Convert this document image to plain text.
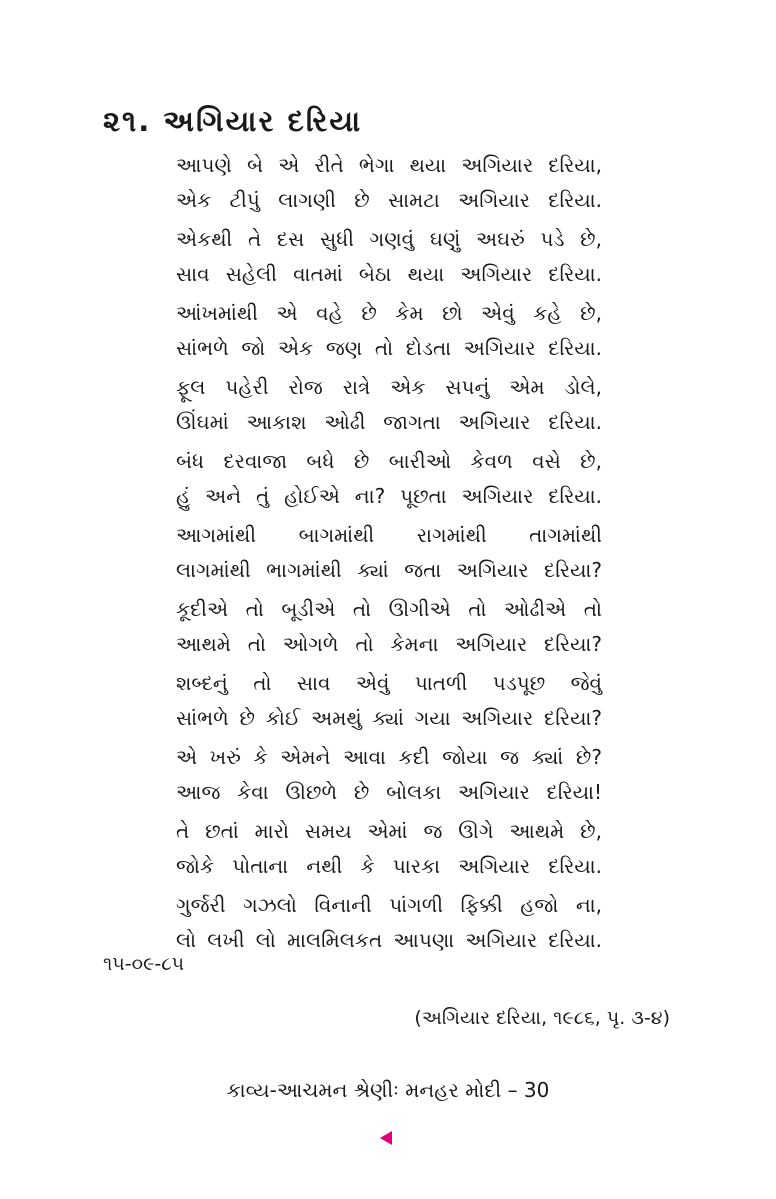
૨૧. અગિયાર દરિયા
આપણે બે એ રીતે ભેગા થયા અગિયાર દરિયા,
એક ટીપું લાગણી છે સામટા અગિયાર દરિયા.
એકથી તે દસ સુધી ગણવું ઘણું અઘરું પડે છે,
સાવ સહેલી વાતમાં બેઠા થયા અગિયાર દરિયા.
આંખમાંથી એ વહે છે કેમ છો એવું કહે છે,
સાંભળે જો એક જણ તો દોડતા અગિયાર દરિયા.
ફૂલ પહેરી રોજ રાત્રે એક સપનું એમ ડોલે,
ઊંઘમાં આકાશ ઓઢી જાગતા અગિયાર દરિયા.
બંધ દરવાજા બધે છે બારીઓ કેવળ વસે છે,
હું અને તું હોઈએ ના? પૂછતા અગિયાર દરિયા.
આગમાંથી બાગમાંથી રાગમાંથી તાગમાંથી
લાગમાંથી ભાગમાંથી ક્યાં જતા અગિયાર દરિયા?
કૂદીએ તો બૂડીએ તો ઊગીએ તો ઓઢીએ તો
આથમે તો ઓગળે તો કેમના અગિયાર દરિયા?
શબ્દનું તો સાવ એવું પાતળી પડપૂછ જેવું
સાંભળે છે કોઈ અમથું ક્યાં ગયા અગિયાર દરિયા?
એ ખરું કે એમને આવા કદી જોયા જ ક્યાં છે?
આજ કેવા ઊછળે છે બોલકા અગિયાર દરિયા!
તે છતાં મારો સમય એમાં જ ઊગે આથમે છે,
જોકે પોતાના નથી કે પારકા અગિયાર દરિયા.
ગુર્જરી ગઝલો વિનાની પાંગળી ફિક્કી હજો ના,
લો લખી લો માલમિલકત આપણા અગિયાર દરિયા.
૧૫-૦૯-૮૫
(અગિયાર દરિયા, ૧૯૮૬, પૃ. ૩-૪)
કાવ્ય-આચમન શ્રેણીઃ મનહર મોદી – 30
